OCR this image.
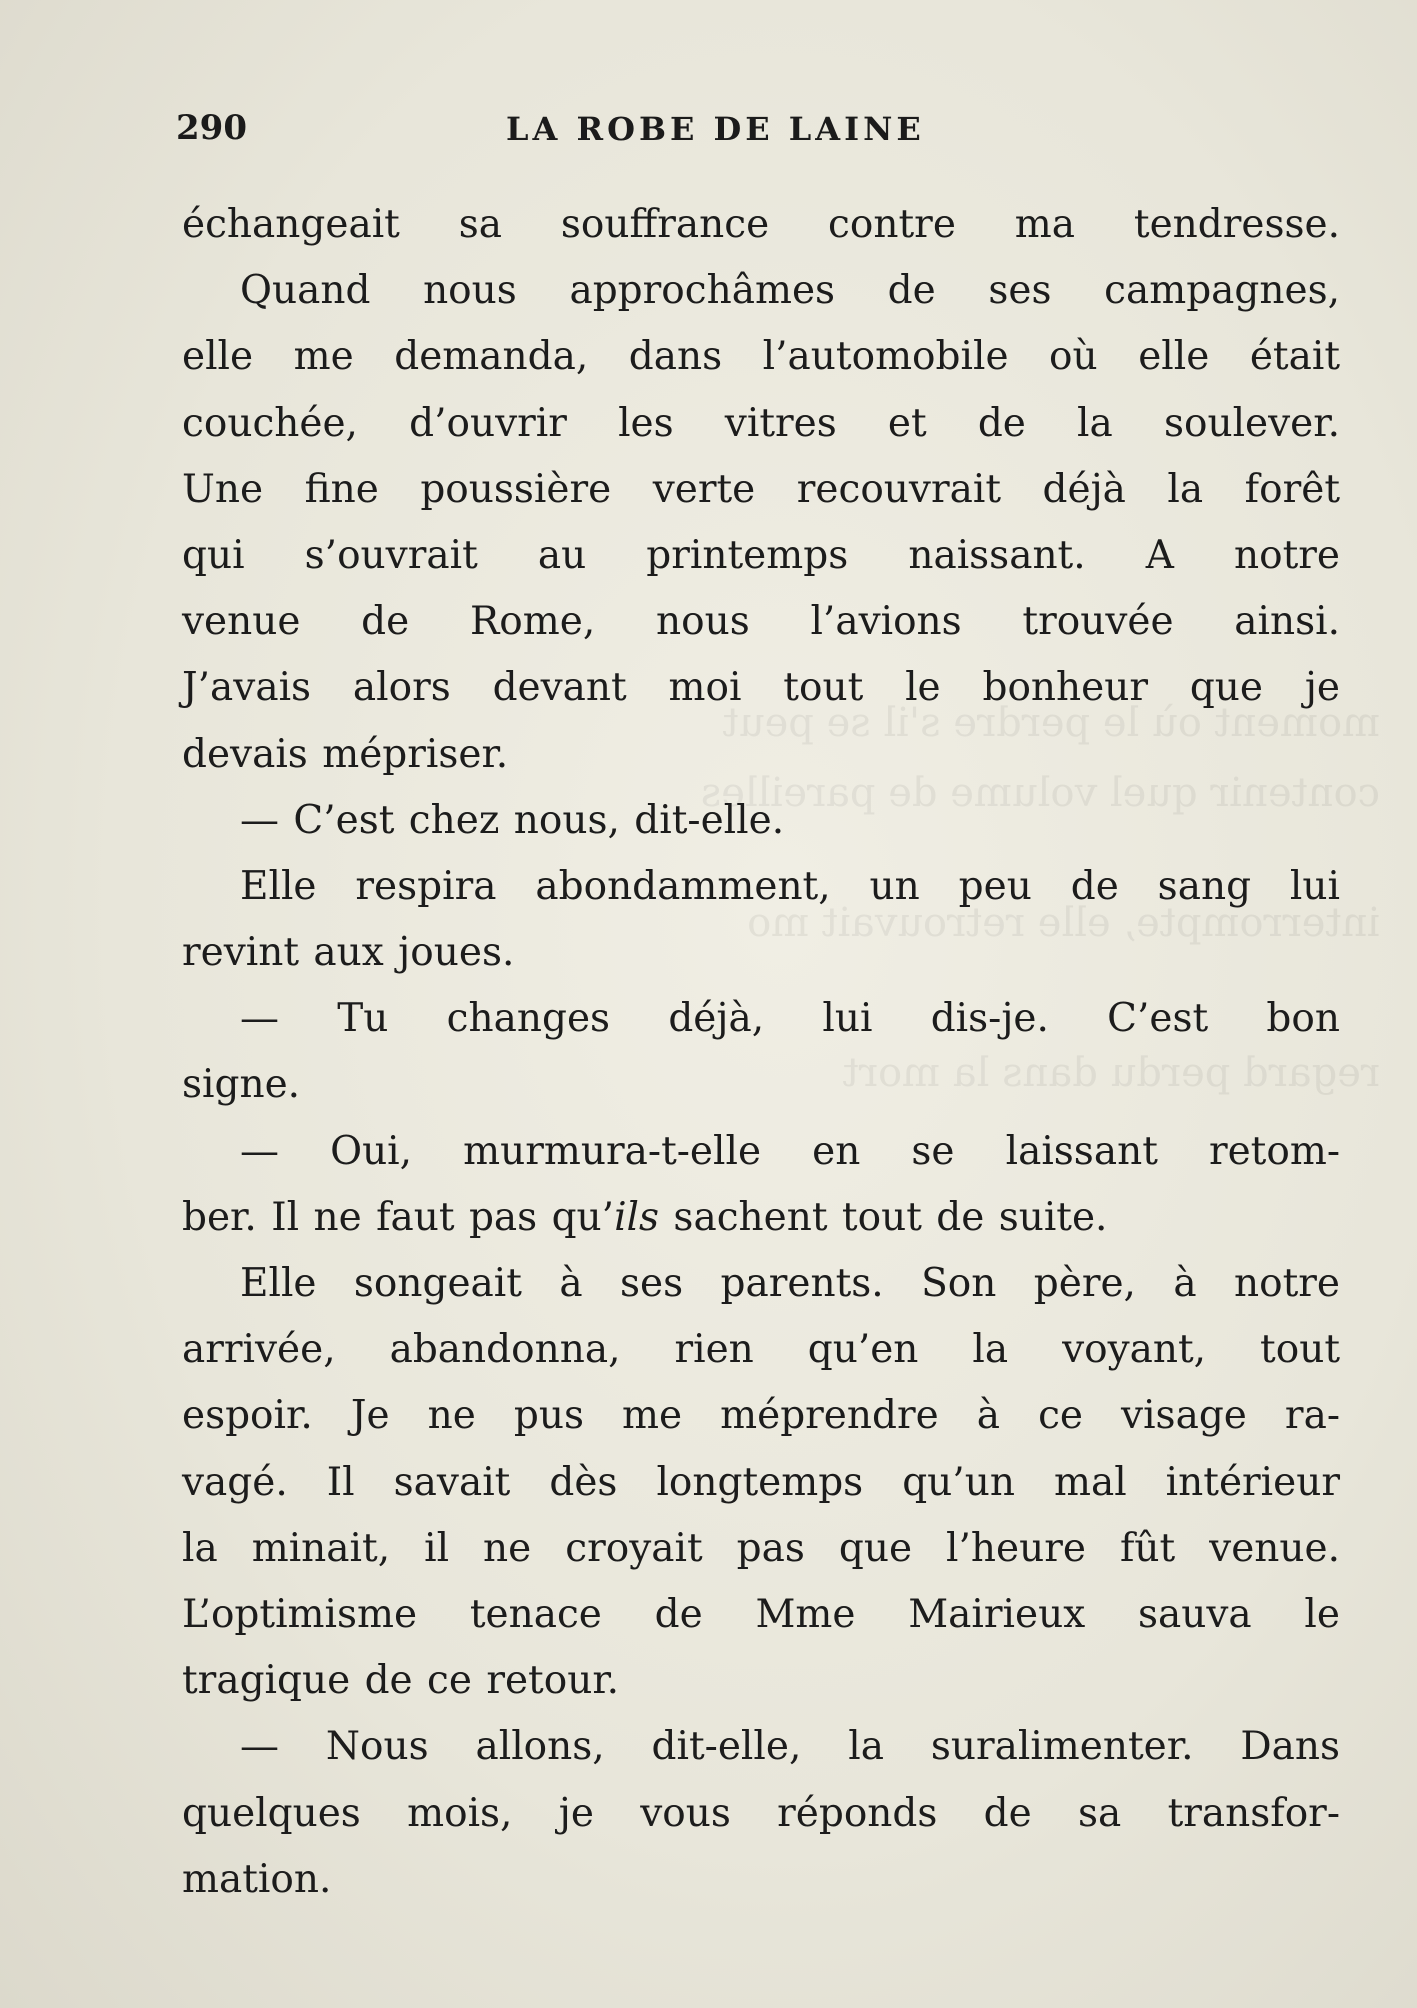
moment où le perdre s'il se peut
contenir quel volume de pareilles
interrompte, elle retrouvait mo
regard perdu dans la mort
290	LA ROBE DE LAINE
échangeait sa souffrance contre ma tendresse.
Quand nous approchâmes de ses campagnes,
elle me demanda, dans l’automobile où elle était
couchée, d’ouvrir les vitres et de la soulever.
Une fine poussière verte recouvrait déjà la forêt
qui s’ouvrait au printemps naissant. A notre
venue de Rome, nous l’avions trouvée ainsi.
J’avais alors devant moi tout le bonheur que je
devais mépriser.
— C’est chez nous, dit-elle.
Elle respira abondamment, un peu de sang lui
revint aux joues.
— Tu changes déjà, lui dis-je. C’est bon
signe.
— Oui, murmura-t-elle en se laissant retom-
ber. Il ne faut pas qu’ils sachent tout de suite.
Elle songeait à ses parents. Son père, à notre
arrivée, abandonna, rien qu’en la voyant, tout
espoir. Je ne pus me méprendre à ce visage ra-
vagé. Il savait dès longtemps qu’un mal intérieur
la minait, il ne croyait pas que l’heure fût venue.
L’optimisme tenace de Mme Mairieux sauva le
tragique de ce retour.
— Nous allons, dit-elle, la suralimenter. Dans
quelques mois, je vous réponds de sa transfor-
mation.
